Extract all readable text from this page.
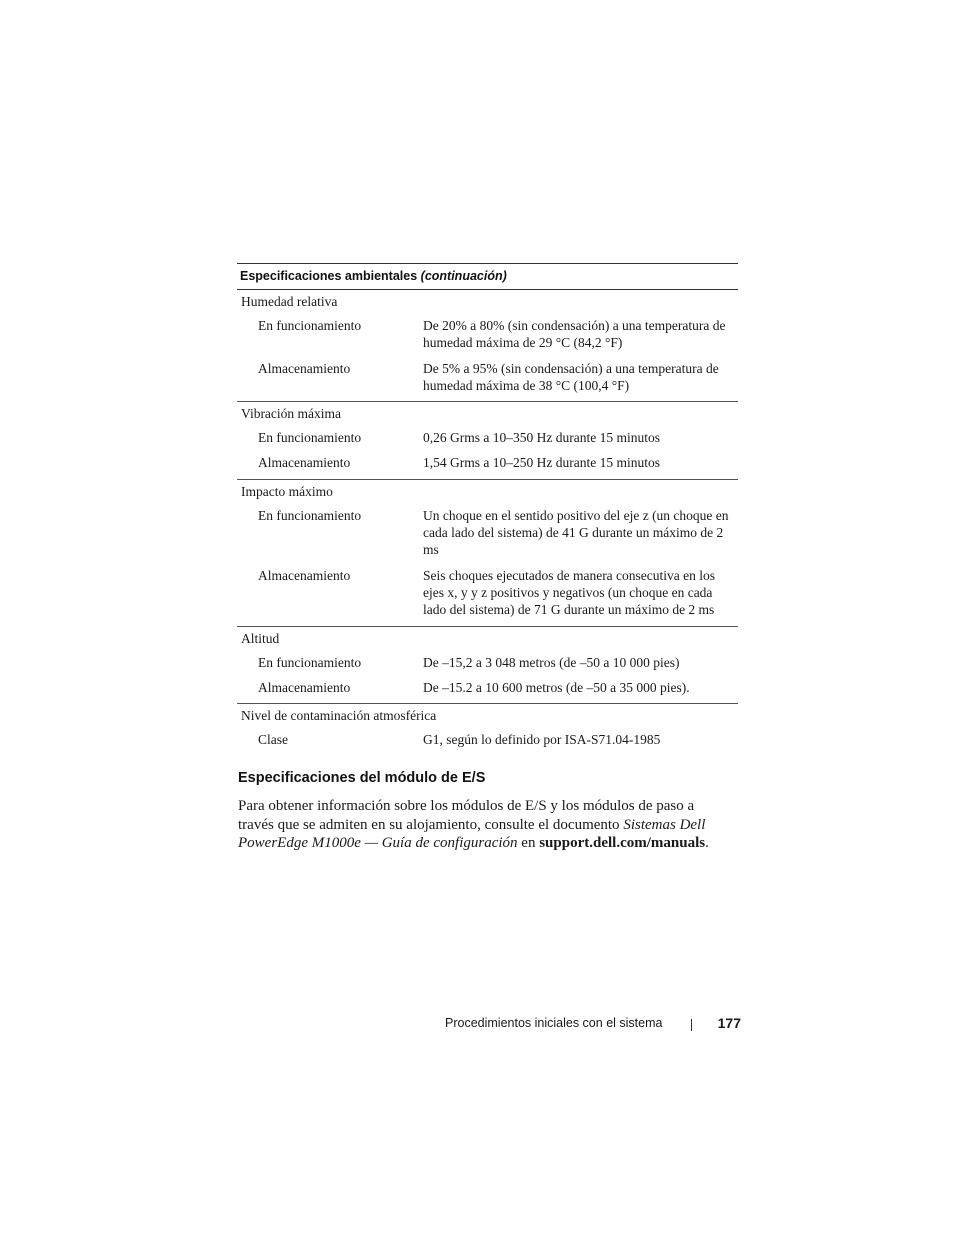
Especificaciones ambientales (continuación)
Humedad relativa
En funcionamiento	De 20% a 80% (sin condensación) a una temperatura de humedad máxima de 29 °C (84,2 °F)
Almacenamiento	De 5% a 95% (sin condensación) a una temperatura de humedad máxima de 38 °C (100,4 °F)
Vibración máxima
En funcionamiento	0,26 Grms a 10–350 Hz durante 15 minutos
Almacenamiento	1,54 Grms a 10–250 Hz durante 15 minutos
Impacto máximo
En funcionamiento	Un choque en el sentido positivo del eje z (un choque en cada lado del sistema) de 41 G durante un máximo de 2 ms
Almacenamiento	Seis choques ejecutados de manera consecutiva en los ejes x, y y z positivos y negativos (un choque en cada lado del sistema) de 71 G durante un máximo de 2 ms
Altitud
En funcionamiento	De –15,2 a 3 048 metros (de –50 a 10 000 pies)
Almacenamiento	De –15.2 a 10 600 metros (de –50 a 35 000 pies).
Nivel de contaminación atmosférica
Clase	G1, según lo definido por ISA-S71.04-1985
Especificaciones del módulo de E/S
Para obtener información sobre los módulos de E/S y los módulos de paso a través que se admiten en su alojamiento, consulte el documento Sistemas Dell PowerEdge M1000e — Guía de configuración en support.dell.com/manuals.
Procedimientos iniciales con el sistema	177
